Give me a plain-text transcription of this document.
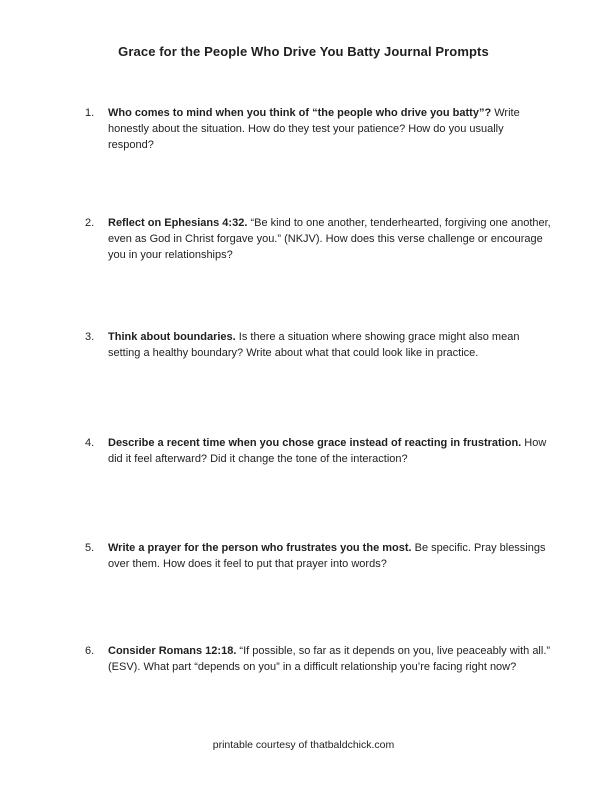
Grace for the People Who Drive You Batty Journal Prompts
1.	Who comes to mind when you think of “the people who drive you batty”? Write honestly about the situation. How do they test your patience? How do you usually respond?
2.	Reflect on Ephesians 4:32. “Be kind to one another, tenderhearted, forgiving one another, even as God in Christ forgave you.” (NKJV). How does this verse challenge or encourage you in your relationships?
3.	Think about boundaries. Is there a situation where showing grace might also mean setting a healthy boundary? Write about what that could look like in practice.
4.	Describe a recent time when you chose grace instead of reacting in frustration. How did it feel afterward? Did it change the tone of the interaction?
5.	Write a prayer for the person who frustrates you the most. Be specific. Pray blessings over them. How does it feel to put that prayer into words?
6.	Consider Romans 12:18. “If possible, so far as it depends on you, live peaceably with all.” (ESV). What part “depends on you” in a difficult relationship you’re facing right now?
printable courtesy of thatbaldchick.com
